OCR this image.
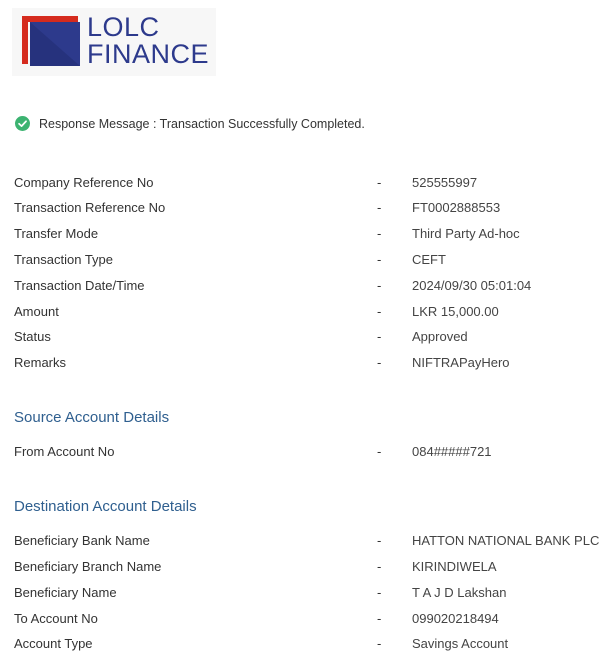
LOLC
FINANCE
Response Message : Transaction Successfully Completed.
Company Reference No	- 525555997
Transaction Reference No	- FT0002888553
Transfer Mode	- Third Party Ad-hoc
Transaction Type	- CEFT
Transaction Date/Time	- 2024/09/30 05:01:04
Amount	- LKR 15,000.00
Status	- Approved
Remarks	- NIFTRAPayHero
Source Account Details
From Account No	- 084#####721
Destination Account Details
Beneficiary Bank Name	- HATTON NATIONAL BANK PLC
Beneficiary Branch Name	- KIRINDIWELA
Beneficiary Name	- T A J D Lakshan
To Account No	- 099020218494
Account Type	- Savings Account
